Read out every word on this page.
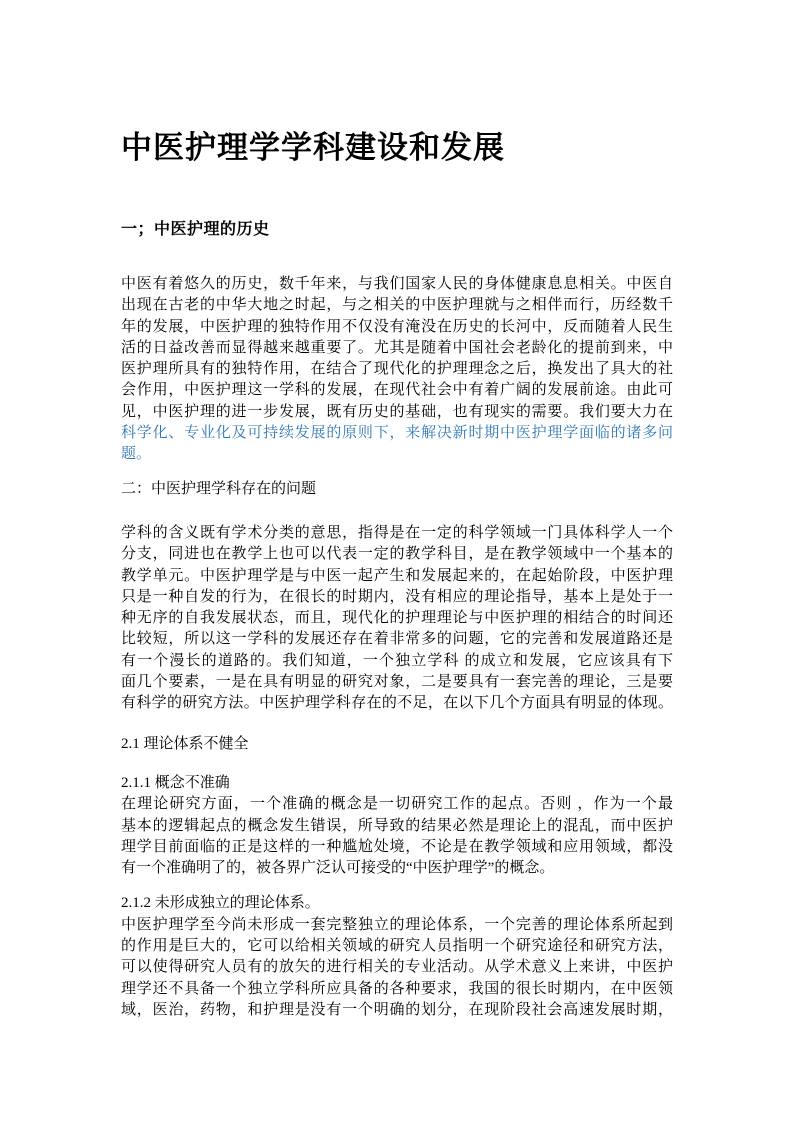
中医护理学学科建设和发展
一；中医护理的历史
中医有着悠久的历史，数千年来，与我们国家人民的身体健康息息相关。中医自
出现在古老的中华大地之时起，与之相关的中医护理就与之相伴而行，历经数千
年的发展，中医护理的独特作用不仅没有淹没在历史的长河中，反而随着人民生
活的日益改善而显得越来越重要了。尤其是随着中国社会老龄化的提前到来，中
医护理所具有的独特作用，在结合了现代化的护理理念之后，换发出了具大的社
会作用，中医护理这一学科的发展，在现代社会中有着广阔的发展前途。由此可
见，中医护理的进一步发展，既有历史的基础，也有现实的需要。我们要大力在
科学化、专业化及可持续发展的原则下，来解决新时期中医护理学面临的诸多问
题。
二：中医护理学科存在的问题
学科的含义既有学术分类的意思，指得是在一定的科学领域一门具体科学人一个
分支，同进也在教学上也可以代表一定的教学科目，是在教学领域中一个基本的
教学单元。中医护理学是与中医一起产生和发展起来的，在起始阶段，中医护理
只是一种自发的行为，在很长的时期内，没有相应的理论指导，基本上是处于一
种无序的自我发展状态，而且，现代化的护理理论与中医护理的相结合的时间还
比较短，所以这一学科的发展还存在着非常多的问题，它的完善和发展道路还是
有一个漫长的道路的。我们知道，一个独立学科 的成立和发展，它应该具有下
面几个要素，一是在具有明显的研究对象，二是要具有一套完善的理论，三是要
有科学的研究方法。中医护理学科存在的不足，在以下几个方面具有明显的体现。
2.1 理论体系不健全
2.1.1 概念不准确
在理论研究方面，一个准确的概念是一切研究工作的起点。否则 ，作为一个最
基本的逻辑起点的概念发生错误，所导致的结果必然是理论上的混乱，而中医护
理学目前面临的正是这样的一种尴尬处境，不论是在教学领域和应用领域，都没
有一个准确明了的，被各界广泛认可接受的“中医护理学”的概念。
2.1.2 未形成独立的理论体系。
中医护理学至今尚未形成一套完整独立的理论体系，一个完善的理论体系所起到
的作用是巨大的，它可以给相关领域的研究人员指明一个研究途径和研究方法，
可以使得研究人员有的放矢的进行相关的专业活动。从学术意义上来讲，中医护
理学还不具备一个独立学科所应具备的各种要求，我国的很长时期内，在中医领
域，医治，药物，和护理是没有一个明确的划分，在现阶段社会高速发展时期，
